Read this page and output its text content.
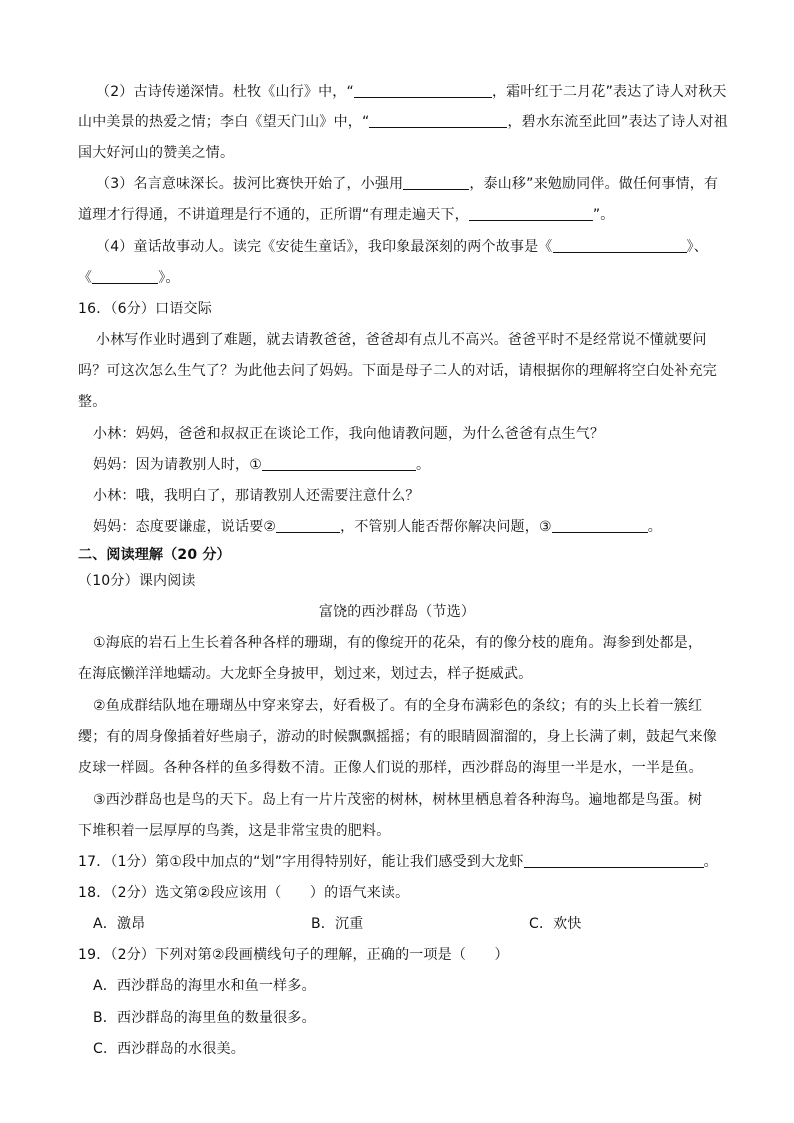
（2）古诗传递深情。杜牧《山行》中，“	，霜叶红于二月花”表达了诗人对秋天
山中美景的热爱之情；李白《望天门山》中，“	，碧水东流至此回”表达了诗人对祖
国大好河山的赞美之情。
（3）名言意味深长。拔河比赛快开始了，小强用	，泰山移”来勉励同伴。做任何事情，有
道理才行得通，不讲道理是行不通的，正所谓“有理走遍天下，	”。
（4）童话故事动人。读完《安徒生童话》，我印象最深刻的两个故事是《	》、
《	》。
16．（6分）口语交际
小林写作业时遇到了难题，就去请教爸爸，爸爸却有点儿不高兴。爸爸平时不是经常说不懂就要问
吗？可这次怎么生气了？为此他去问了妈妈。下面是母子二人的对话，请根据你的理解将空白处补充完
整。
小林：妈妈，爸爸和叔叔正在谈论工作，我向他请教问题，为什么爸爸有点生气？
妈妈：因为请教别人时，①	。
小林：哦，我明白了，那请教别人还需要注意什么？
妈妈：态度要谦虚，说话要②	，不管别人能否帮你解决问题，③	。
二、阅读理解（20 分）
（10分）课内阅读
富饶的西沙群岛（节选）
①海底的岩石上生长着各种各样的珊瑚，有的像绽开的花朵，有的像分枝的鹿角。海参到处都是，
在海底懒洋洋地蠕动。大龙虾全身披甲，划过来，划过去，样子挺威武。
②鱼成群结队地在珊瑚丛中穿来穿去，好看极了。有的全身布满彩色的条纹；有的头上长着一簇红
缨；有的周身像插着好些扇子，游动的时候飘飘摇摇；有的眼睛圆溜溜的，身上长满了刺，鼓起气来像
皮球一样圆。各种各样的鱼多得数不清。正像人们说的那样，西沙群岛的海里一半是水，一半是鱼。
③西沙群岛也是鸟的天下。岛上有一片片茂密的树林，树林里栖息着各种海鸟。遍地都是鸟蛋。树
下堆积着一层厚厚的鸟粪，这是非常宝贵的肥料。
17．（1分）第①段中加点的“划”字用得特别好，能让我们感受到大龙虾	。
18．（2分）选文第②段应该用（　　）的语气来读。
A．激昂	B．沉重	C．欢快
19．（2分）下列对第②段画横线句子的理解，正确的一项是（　　）
A．西沙群岛的海里水和鱼一样多。
B．西沙群岛的海里鱼的数量很多。
C．西沙群岛的水很美。
